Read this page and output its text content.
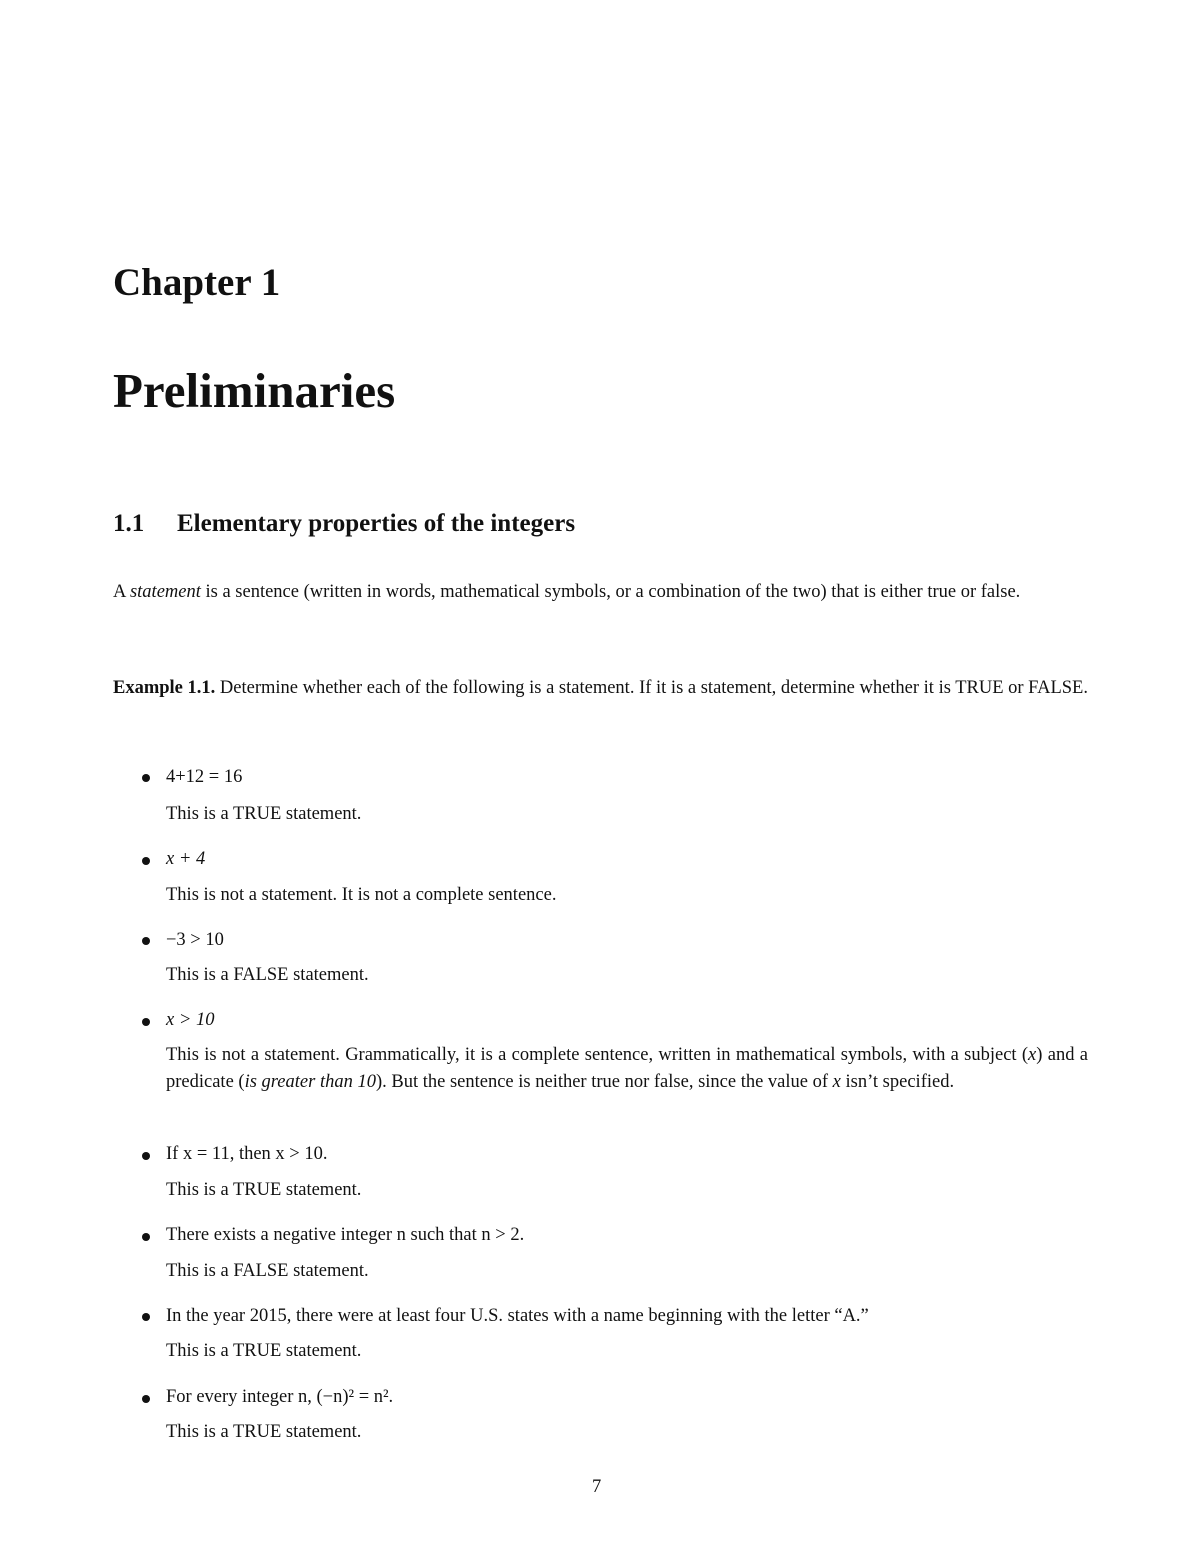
Chapter 1
Preliminaries
1.1 Elementary properties of the integers
A statement is a sentence (written in words, mathematical symbols, or a combination of the two) that is either true or false.
Example 1.1. Determine whether each of the following is a statement. If it is a statement, determine whether it is TRUE or FALSE.
4+12 = 16
This is a TRUE statement.
x + 4
This is not a statement. It is not a complete sentence.
−3 > 10
This is a FALSE statement.
x > 10
This is not a statement. Grammatically, it is a complete sentence, written in mathematical symbols, with a subject (x) and a predicate (is greater than 10). But the sentence is neither true nor false, since the value of x isn’t specified.
If x = 11, then x > 10.
This is a TRUE statement.
There exists a negative integer n such that n > 2.
This is a FALSE statement.
In the year 2015, there were at least four U.S. states with a name beginning with the letter “A.”
This is a TRUE statement.
For every integer n, (−n)² = n².
This is a TRUE statement.
7
